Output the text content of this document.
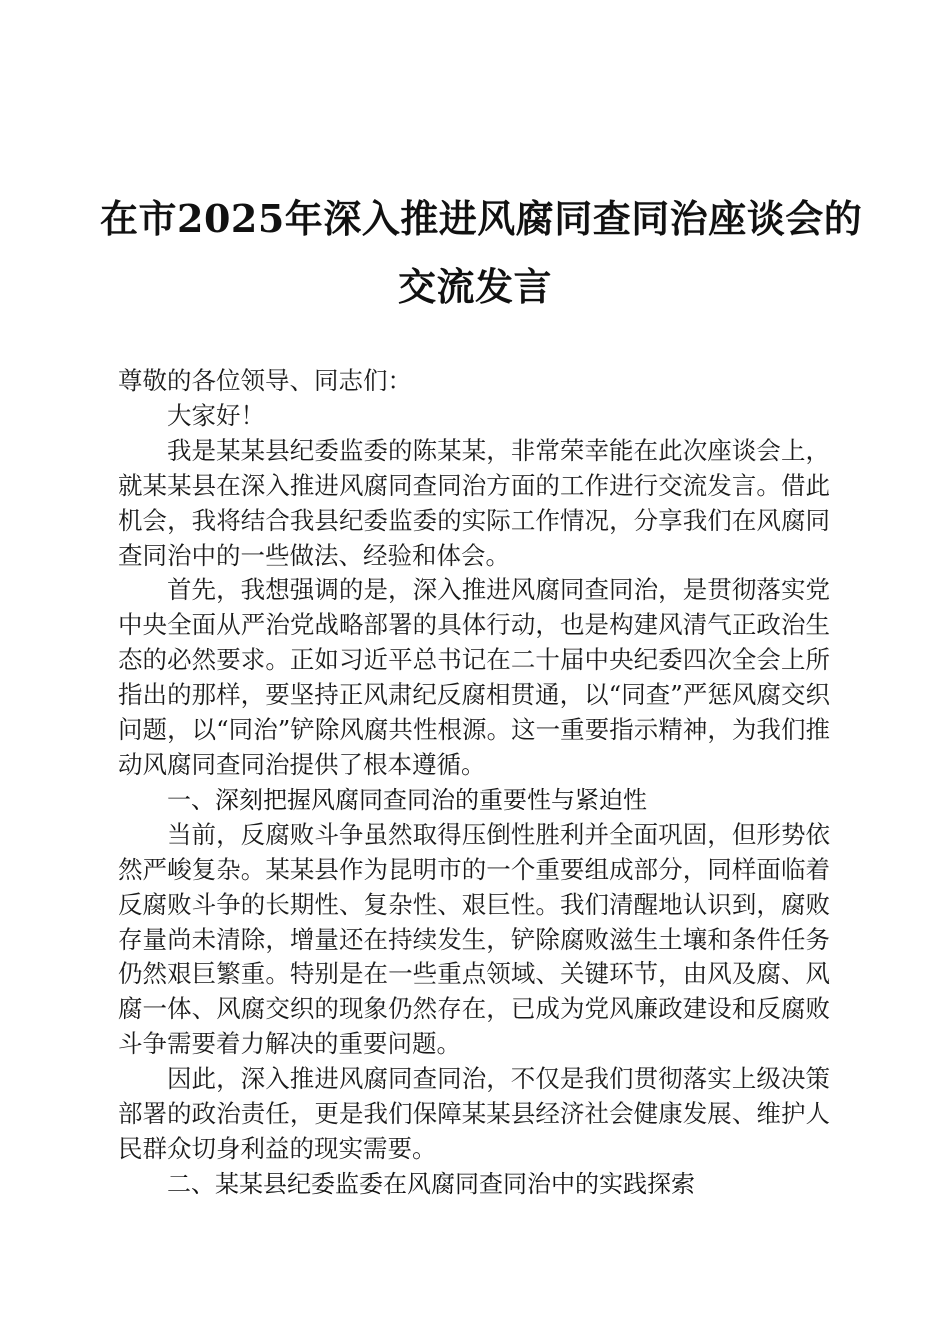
在市2025年深入推进风腐同查同治座谈会的
交流发言

尊敬的各位领导、同志们：

大家好！

我是某某县纪委监委的陈某某，非常荣幸能在此次座谈会上，就某某县在深入推进风腐同查同治方面的工作进行交流发言。借此机会，我将结合我县纪委监委的实际工作情况，分享我们在风腐同查同治中的一些做法、经验和体会。

首先，我想强调的是，深入推进风腐同查同治，是贯彻落实党中央全面从严治党战略部署的具体行动，也是构建风清气正政治生态的必然要求。正如习近平总书记在二十届中央纪委四次全会上所指出的那样，要坚持正风肃纪反腐相贯通，以“同查”严惩风腐交织问题，以“同治”铲除风腐共性根源。这一重要指示精神，为我们推动风腐同查同治提供了根本遵循。

一、深刻把握风腐同查同治的重要性与紧迫性

当前，反腐败斗争虽然取得压倒性胜利并全面巩固，但形势依然严峻复杂。某某县作为昆明市的一个重要组成部分，同样面临着反腐败斗争的长期性、复杂性、艰巨性。我们清醒地认识到，腐败存量尚未清除，增量还在持续发生，铲除腐败滋生土壤和条件任务仍然艰巨繁重。特别是在一些重点领域、关键环节，由风及腐、风腐一体、风腐交织的现象仍然存在，已成为党风廉政建设和反腐败斗争需要着力解决的重要问题。

因此，深入推进风腐同查同治，不仅是我们贯彻落实上级决策部署的政治责任，更是我们保障某某县经济社会健康发展、维护人民群众切身利益的现实需要。

二、某某县纪委监委在风腐同查同治中的实践探索
